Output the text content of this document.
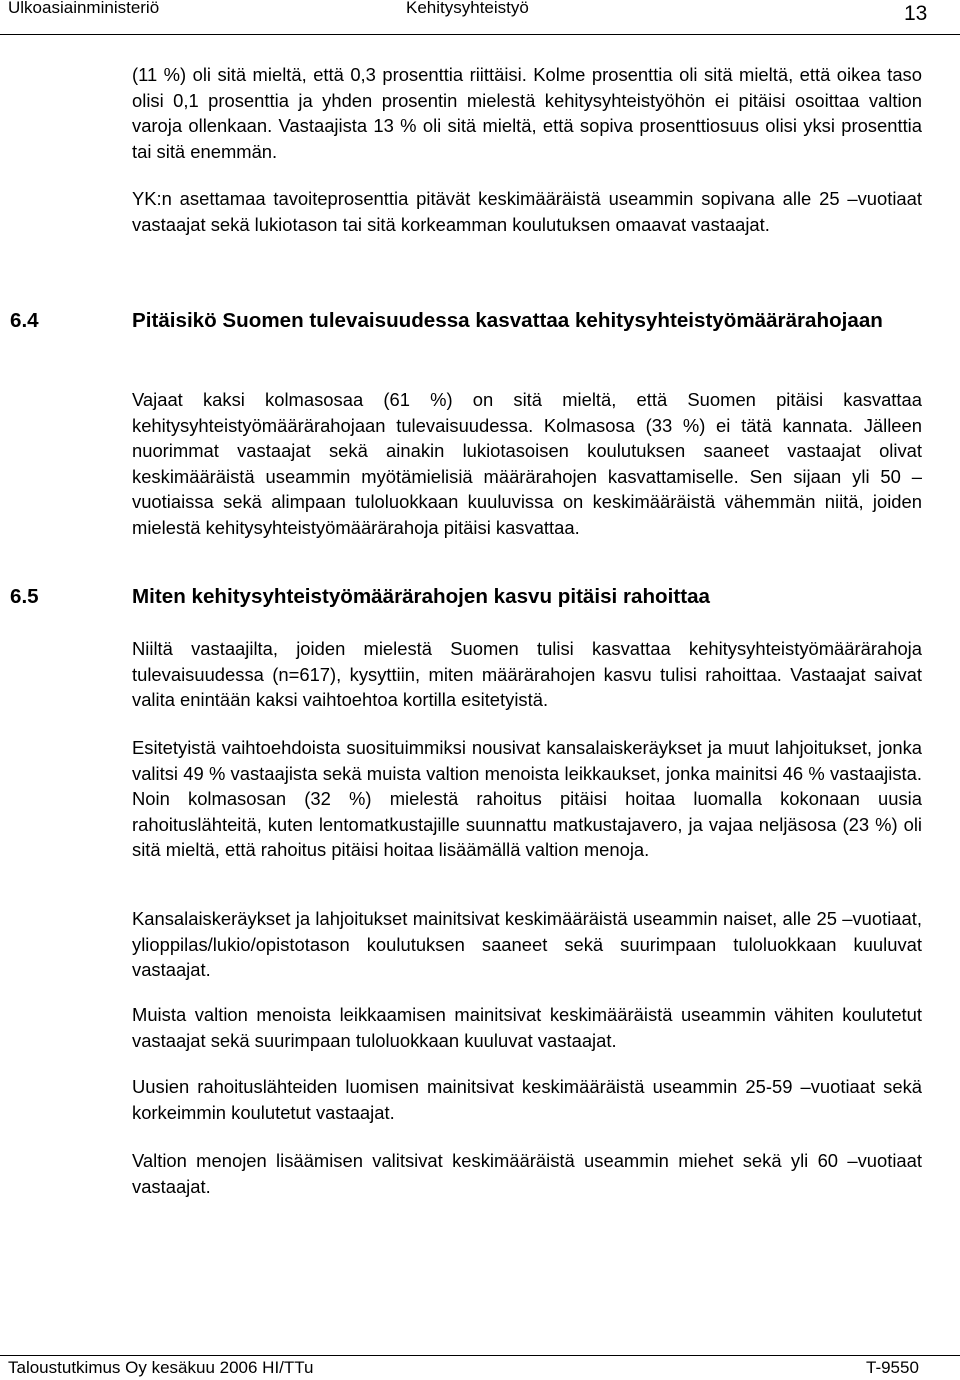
Ulkoasiainministeriö	Kehitysyhteistyö	13

(11 %) oli sitä mieltä, että 0,3 prosenttia riittäisi. Kolme prosenttia oli sitä mieltä, että oikea taso olisi 0,1 prosenttia ja yhden prosentin mielestä kehitysyhteistyöhön ei pitäisi osoittaa valtion varoja ollenkaan. Vastaajista 13 % oli sitä mieltä, että sopiva prosenttiosuus olisi yksi prosenttia tai sitä enemmän.

YK:n asettamaa tavoiteprosenttia pitävät keskimääräistä useammin sopivana alle 25 –vuotiaat vastaajat sekä lukiotason tai sitä korkeamman koulutuksen omaavat vastaajat.

6.4	Pitäisikö Suomen tulevaisuudessa kasvattaa kehitysyhteistyömäärärahojaan

Vajaat kaksi kolmasosaa (61 %) on sitä mieltä, että Suomen pitäisi kasvattaa kehitysyhteistyömäärärahojaan tulevaisuudessa. Kolmasosa (33 %) ei tätä kannata. Jälleen nuorimmat vastaajat sekä ainakin lukiotasoisen koulutuksen saaneet vastaajat olivat keskimääräistä useammin myötämielisiä määrärahojen kasvattamiselle. Sen sijaan yli 50 –vuotiaissa sekä alimpaan tuloluokkaan kuuluvissa on keskimääräistä vähemmän niitä, joiden mielestä kehitysyhteistyömäärärahoja pitäisi kasvattaa.

6.5	Miten kehitysyhteistyömäärärahojen kasvu pitäisi rahoittaa

Niiltä vastaajilta, joiden mielestä Suomen tulisi kasvattaa kehitysyhteistyömäärärahoja tulevaisuudessa (n=617), kysyttiin, miten määrärahojen kasvu tulisi rahoittaa. Vastaajat saivat valita enintään kaksi vaihtoehtoa kortilla esitetyistä.

Esitetyistä vaihtoehdoista suosituimmiksi nousivat kansalaiskeräykset ja muut lahjoitukset, jonka valitsi 49 % vastaajista sekä muista valtion menoista leikkaukset, jonka mainitsi 46 % vastaajista. Noin kolmasosan (32 %) mielestä rahoitus pitäisi hoitaa luomalla kokonaan uusia rahoituslähteitä, kuten lentomatkustajille suunnattu matkustajavero, ja vajaa neljäsosa (23 %) oli sitä mieltä, että rahoitus pitäisi hoitaa lisäämällä valtion menoja.

Kansalaiskeräykset ja lahjoitukset mainitsivat keskimääräistä useammin naiset, alle 25 –vuotiaat, ylioppilas/lukio/opistotason koulutuksen saaneet sekä suurimpaan tuloluokkaan kuuluvat vastaajat.

Muista valtion menoista leikkaamisen mainitsivat keskimääräistä useammin vähiten koulutetut vastaajat sekä suurimpaan tuloluokkaan kuuluvat vastaajat.

Uusien rahoituslähteiden luomisen mainitsivat keskimääräistä useammin 25-59 –vuotiaat sekä korkeimmin koulutetut vastaajat.

Valtion menojen lisäämisen valitsivat keskimääräistä useammin miehet sekä yli 60 –vuotiaat vastaajat.

Taloustutkimus Oy kesäkuu 2006 HI/TTu	T-9550
